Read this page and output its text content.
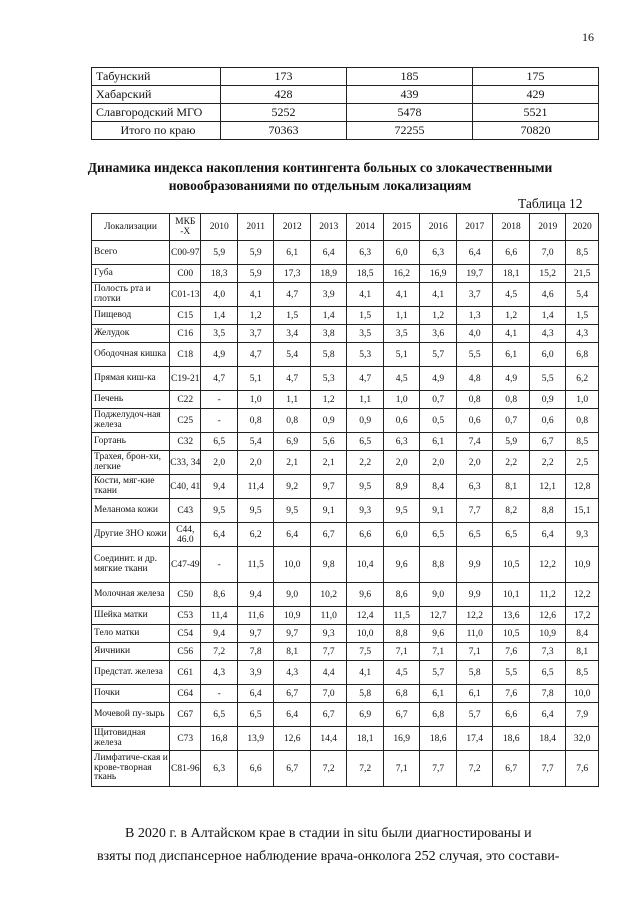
16
Табунский	173	185	175
Хабарский	428	439	429
Славгородский МГО	5252	5478	5521
Итого по краю	70363	72255	70820
Динамика индекса накопления контингента больных со злокачественными
новообразованиями по отдельным локализациям
Таблица 12
Локализации	МКБ -Х	2010	2011	2012	2013	2014	2015	2016	2017	2018	2019	2020
Всего	С00-97	5,9	5,9	6,1	6,4	6,3	6,0	6,3	6,4	6,6	7,0	8,5
Губа	С00	18,3	5,9	17,3	18,9	18,5	16,2	16,9	19,7	18,1	15,2	21,5
Полость рта и глотки	С01-13	4,0	4,1	4,7	3,9	4,1	4,1	4,1	3,7	4,5	4,6	5,4
Пищевод	С15	1,4	1,2	1,5	1,4	1,5	1,1	1,2	1,3	1,2	1,4	1,5
Желудок	С16	3,5	3,7	3,4	3,8	3,5	3,5	3,6	4,0	4,1	4,3	4,3
Ободочная кишка	С18	4,9	4,7	5,4	5,8	5,3	5,1	5,7	5,5	6,1	6,0	6,8
Прямая киш-ка	С19-21	4,7	5,1	4,7	5,3	4,7	4,5	4,9	4,8	4,9	5,5	6,2
Печень	С22	-	1,0	1,1	1,2	1,1	1,0	0,7	0,8	0,8	0,9	1,0
Поджелудоч-ная железа	С25	-	0,8	0,8	0,9	0,9	0,6	0,5	0,6	0,7	0,6	0,8
Гортань	С32	6,5	5,4	6,9	5,6	6,5	6,3	6,1	7,4	5,9	6,7	8,5
Трахея, брон-хи, легкие	С33, 34	2,0	2,0	2,1	2,1	2,2	2,0	2,0	2,0	2,2	2,2	2,5
Кости, мяг-кие ткани	С40, 41	9,4	11,4	9,2	9,7	9,5	8,9	8,4	6,3	8,1	12,1	12,8
Меланома кожи	С43	9,5	9,5	9,5	9,1	9,3	9,5	9,1	7,7	8,2	8,8	15,1
Другие ЗНО кожи	С44, 46.0	6,4	6,2	6,4	6,7	6,6	6,0	6,5	6,5	6,5	6,4	9,3
Соединит. и др. мягкие ткани	С47-49	-	11,5	10,0	9,8	10,4	9,6	8,8	9,9	10,5	12,2	10,9
Молочная железа	С50	8,6	9,4	9,0	10,2	9,6	8,6	9,0	9,9	10,1	11,2	12,2
Шейка матки	С53	11,4	11,6	10,9	11,0	12,4	11,5	12,7	12,2	13,6	12,6	17,2
Тело матки	С54	9,4	9,7	9,7	9,3	10,0	8,8	9,6	11,0	10,5	10,9	8,4
Яичники	С56	7,2	7,8	8,1	7,7	7,5	7,1	7,1	7,1	7,6	7,3	8,1
Предстат. железа	С61	4,3	3,9	4,3	4,4	4,1	4,5	5,7	5,8	5,5	6,5	8,5
Почки	С64	-	6,4	6,7	7,0	5,8	6,8	6,1	6,1	7,6	7,8	10,0
Мочевой пу-зырь	С67	6,5	6,5	6,4	6,7	6,9	6,7	6,8	5,7	6,6	6,4	7,9
Щитовидная железа	С73	16,8	13,9	12,6	14,4	18,1	16,9	18,6	17,4	18,6	18,4	32,0
Лимфатиче-ская и крове-творная ткань	С81-96	6,3	6,6	6,7	7,2	7,2	7,1	7,7	7,2	6,7	7,7	7,6
В 2020 г. в Алтайском крае в стадии in situ были диагностированы и
взяты под диспансерное наблюдение врача-онколога 252 случая, это состави-
